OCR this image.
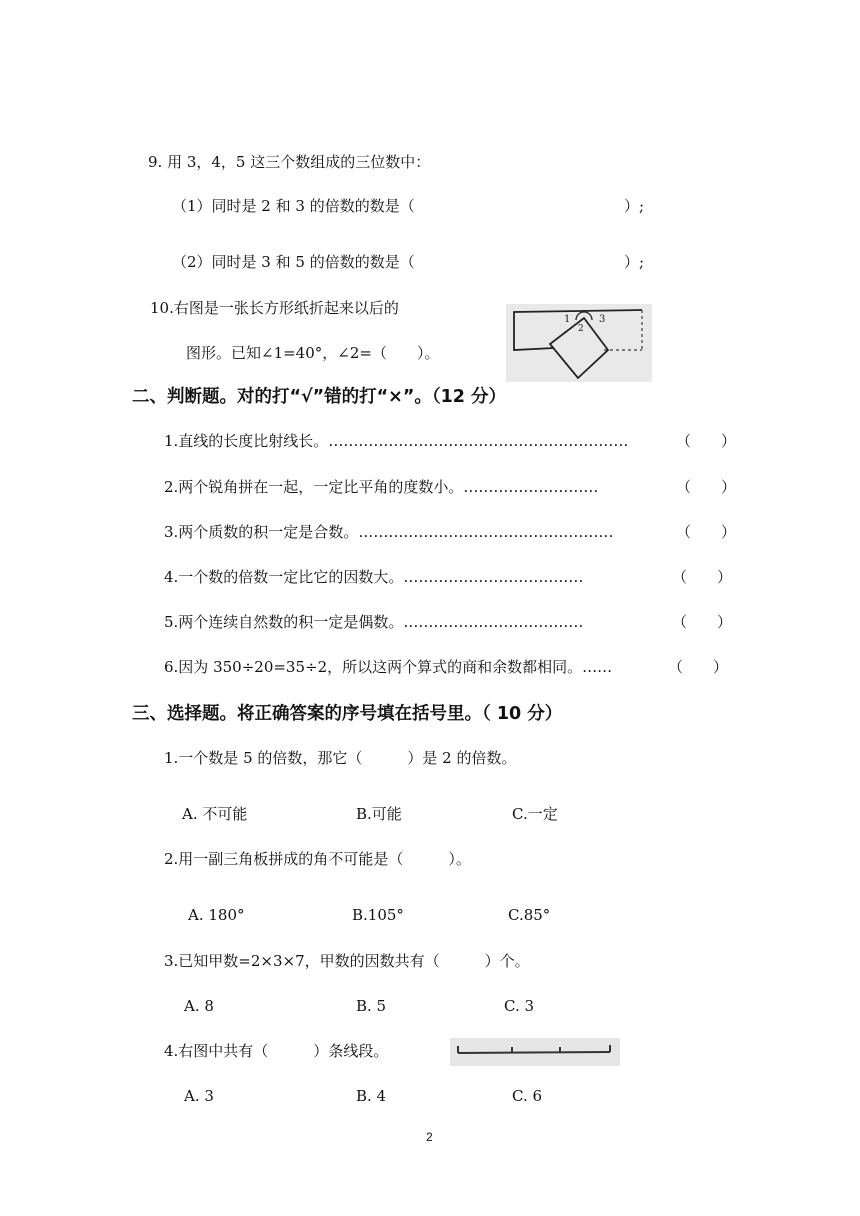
9. 用 3，4，5 这三个数组成的三位数中：
（1）同时是 2 和 3 的倍数的数是（	）;
（2）同时是 3 和 5 的倍数的数是（	）;
10.右图是一张长方形纸折起来以后的
图形。已知∠1=40°，∠2=（　　）。
1
2
3
二、判断题。对的打“√”错的打“×”。（12 分）
1.直线的长度比射线长。……………………………………………………	（　　）
2.两个锐角拼在一起，一定比平角的度数小。………………………	（　　）
3.两个质数的积一定是合数。……………………………………………	（　　）
4.一个数的倍数一定比它的因数大。………………………………	（　　）
5.两个连续自然数的积一定是偶数。………………………………	（　　）
6.因为 350÷20=35÷2，所以这两个算式的商和余数都相同。……	（　　）
三、选择题。将正确答案的序号填在括号里。（ 10 分）
1.一个数是 5 的倍数，那它（　　　）是 2 的倍数。
A. 不可能	B.可能	C.一定
2.用一副三角板拼成的角不可能是（　　　）。
A. 180°	B.105°	C.85°
3.已知甲数=2×3×7，甲数的因数共有（　　　）个。
A. 8	B. 5	C. 3
4.右图中共有（　　　）条线段。
A. 3	B. 4	C. 6
2
